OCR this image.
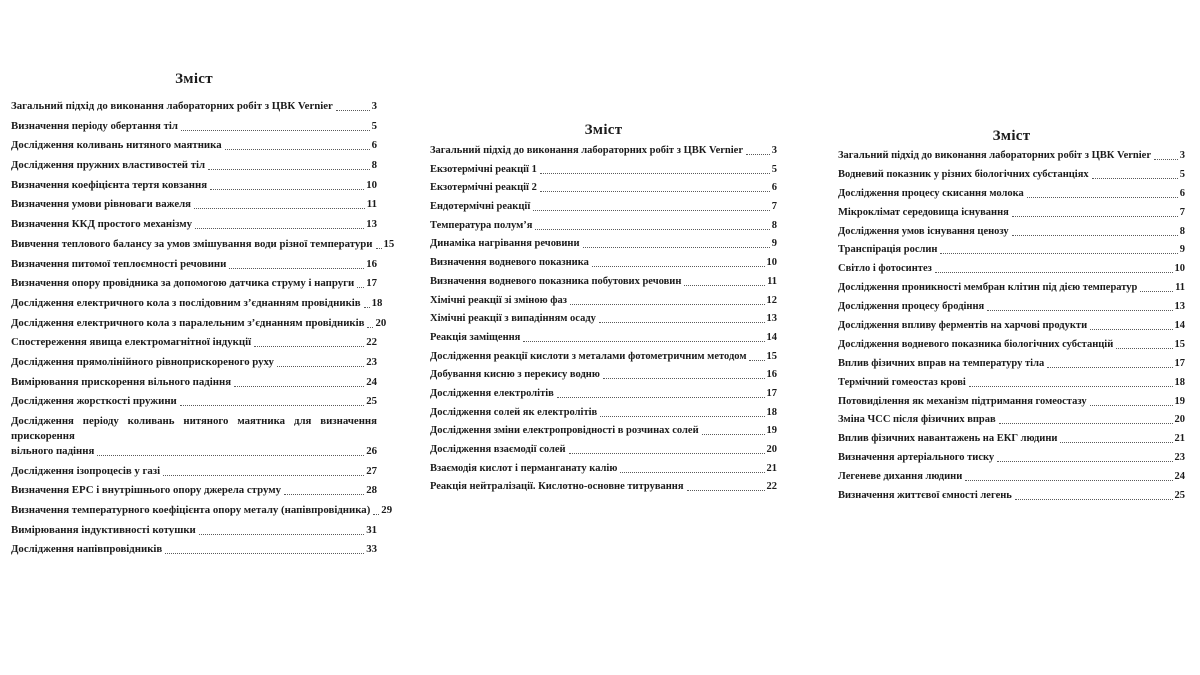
Зміст
Загальний підхід до виконання лабораторних робіт з ЦВК Vernier	3
Визначення періоду обертання тіл	5
Дослідження коливань нитяного маятника	6
Дослідження пружних властивостей тіл	8
Визначення коефіцієнта тертя ковзання	10
Визначення умови рівноваги важеля	11
Визначення ККД простого механізму	13
Вивчення теплового балансу за умов змішування води різної температури 15
Визначення питомої теплоємності речовини	16
Визначення опору провідника за допомогою датчика струму і напруги 17
Дослідження електричного кола з послідовним з’єднанням провідників 18
Дослідження електричного кола з паралельним з’єднанням провідників 20
Спостереження явища електромагнітної індукції	22
Дослідження прямолінійного рівноприскореного руху	23
Вимірювання прискорення вільного падіння	24
Дослідження жорсткості пружини	25
Дослідження періоду коливань нитяного маятника для визначення прискорення
вільного падіння	26
Дослідження ізопроцесів у газі	27
Визначення ЕРС і внутрішнього опору джерела струму	28
Визначення температурного коефіцієнта опору металу (напівпровідника) 29
Вимірювання індуктивності котушки	31
Дослідження напівпровідників	33
Зміст
Загальний підхід до виконання лабораторних робіт з ЦВК Vernier	3
Екзотермічні реакції 1	5
Екзотермічні реакції 2	6
Ендотермічні реакції	7
Температура полум’я	8
Динаміка нагрівання речовини	9
Визначення водневого показника	10
Визначення водневого показника побутових речовин	11
Хімічні реакції зі зміною фаз	12
Хімічні реакції з випадінням осаду	13
Реакція заміщення	14
Дослідження реакції кислоти з металами фотометричним методом 15
Добування кисню з перекису водню	16
Дослідження електролітів	17
Дослідження солей як електролітів	18
Дослідження зміни електропровідності в розчинах солей	19
Дослідження взаємодії солей	20
Взаємодія кислот і перманганату калію	21
Реакція нейтралізації. Кислотно-основне титрування	22
Зміст
Загальний підхід до виконання лабораторних робіт з ЦВК Vernier	3
Водневий показник у різних біологічних субстанціях	5
Дослідження процесу скисання молока	6
Мікроклімат середовища існування	7
Дослідження умов існування ценозу	8
Транспірація рослин	9
Світло і фотосинтез	10
Дослідження проникності мембран клітин під дією температур	11
Дослідження процесу бродіння	13
Дослідження впливу ферментів на харчові продукти	14
Дослідження водневого показника біологічних субстанцій	15
Вплив фізичних вправ на температуру тіла	17
Термічний гомеостаз крові	18
Потовиділення як механізм підтримання гомеостазу	19
Зміна ЧСС після фізичних вправ	20
Вплив фізичних навантажень на ЕКГ людини	21
Визначення артеріального тиску	23
Легеневе дихання людини	24
Визначення життєвої ємності легень	25
